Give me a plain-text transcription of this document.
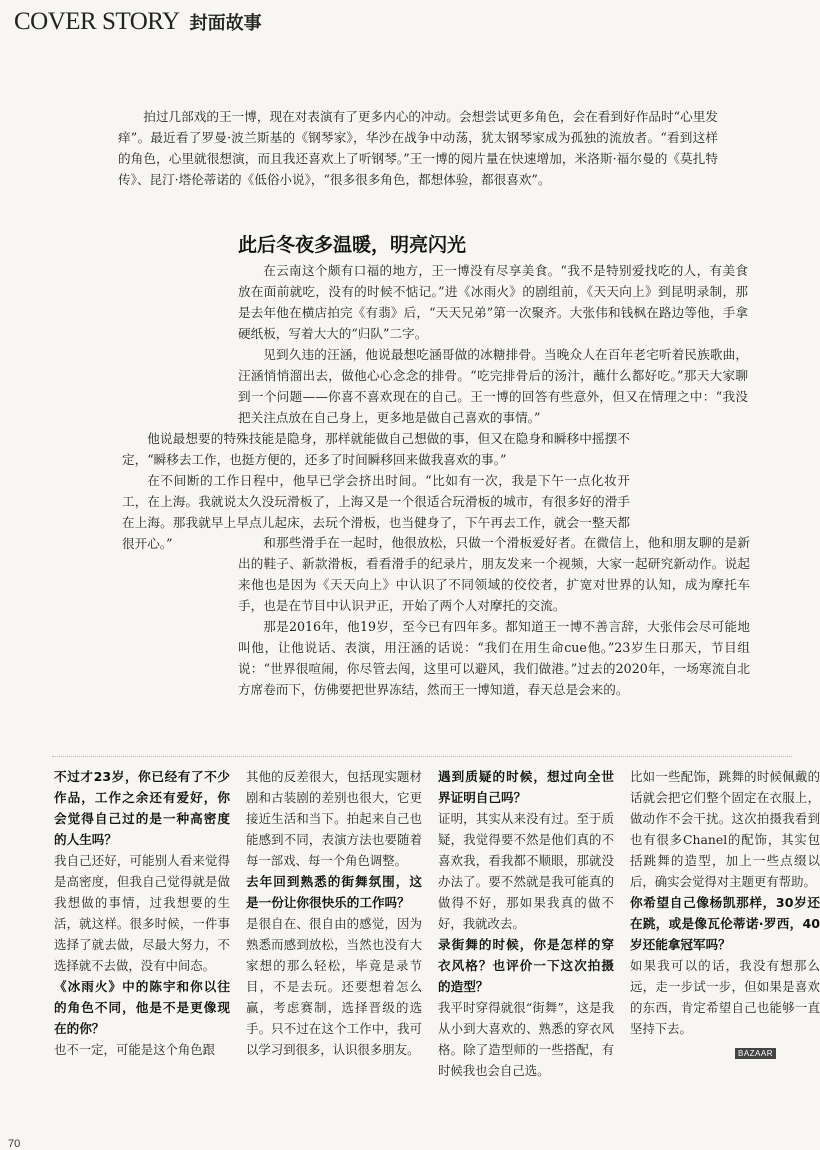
COVER STORY 封面故事

拍过几部戏的王一博，现在对表演有了更多内心的冲动。会想尝试更多角色，会在看到好作品时“心里发痒”。最近看了罗曼·波兰斯基的《钢琴家》，华沙在战争中动荡，犹太钢琴家成为孤独的流放者。“看到这样的角色，心里就很想演，而且我还喜欢上了听钢琴。”王一博的阅片量在快速增加，米洛斯·福尔曼的《莫扎特传》、昆汀·塔伦蒂诺的《低俗小说》，“很多很多角色，都想体验，都很喜欢”。

此后冬夜多温暖，明亮闪光

在云南这个颇有口福的地方，王一博没有尽享美食。“我不是特别爱找吃的人，有美食放在面前就吃，没有的时候不惦记。”进《冰雨火》的剧组前，《天天向上》到昆明录制，那是去年他在横店拍完《有翡》后，“天天兄弟”第一次聚齐。大张伟和钱枫在路边等他，手拿硬纸板，写着大大的“归队”二字。

见到久违的汪涵，他说最想吃涵哥做的冰糖排骨。当晚众人在百年老宅听着民族歌曲，汪涵悄悄溜出去，做他心心念念的排骨。“吃完排骨后的汤汁，蘸什么都好吃。”那天大家聊到一个问题——你喜不喜欢现在的自己。王一博的回答有些意外，但又在情理之中：“我没把关注点放在自己身上，更多地是做自己喜欢的事情。”

他说最想要的特殊技能是隐身，那样就能做自己想做的事，但又在隐身和瞬移中摇摆不定，“瞬移去工作，也挺方便的，还多了时间瞬移回来做我喜欢的事。”

在不间断的工作日程中，他早已学会挤出时间。“比如有一次，我是下午一点化妆开工，在上海。我就说太久没玩滑板了，上海又是一个很适合玩滑板的城市，有很多好的滑手在上海。那我就早上早点儿起床，去玩个滑板，也当健身了，下午再去工作，就会一整天都很开心。”	和那些滑手在一起时，他很放松，只做一个滑板爱好者。在微信上，他和朋友聊的是新出的鞋子、新款滑板，看看滑手的纪录片，朋友发来一个视频，大家一起研究新动作。说起来他也是因为《天天向上》中认识了不同领域的佼佼者，扩宽对世界的认知，成为摩托车手，也是在节目中认识尹正，开始了两个人对摩托的交流。

那是2016年，他19岁，至今已有四年多。都知道王一博不善言辞，大张伟会尽可能地叫他，让他说话、表演，用汪涵的话说：“我们在用生命cue他。”23岁生日那天，节目组说：“世界很喧闹，你尽管去闯，这里可以避风，我们做港。”过去的2020年，一场寒流自北方席卷而下，仿佛要把世界冻结，然而王一博知道，春天总是会来的。

不过才23岁，你已经有了不少作品，工作之余还有爱好，你会觉得自己过的是一种高密度的人生吗？

我自己还好，可能别人看来觉得是高密度，但我自己觉得就是做我想做的事情，过我想要的生活，就这样。很多时候，一件事选择了就去做，尽最大努力，不选择就不去做，没有中间态。

《冰雨火》中的陈宇和你以往的角色不同，他是不是更像现在的你？

也不一定，可能是这个角色跟

其他的反差很大，包括现实题材剧和古装剧的差别也很大，它更接近生活和当下。拍起来自己也能感到不同，表演方法也要随着每一部戏、每一个角色调整。

去年回到熟悉的街舞氛围，这是一份让你很快乐的工作吗？

是很自在、很自由的感觉，因为熟悉而感到放松，当然也没有大家想的那么轻松，毕竟是录节目，不是去玩。还要想着怎么赢，考虑赛制，选择晋级的选手。只不过在这个工作中，我可以学习到很多，认识很多朋友。

遇到质疑的时候，想过向全世界证明自己吗？

证明，其实从来没有过。至于质疑，我觉得要不然是他们真的不喜欢我，看我都不顺眼，那就没办法了。要不然就是我可能真的做得不好，那如果我真的做不好，我就改去。

录街舞的时候，你是怎样的穿衣风格？也评价一下这次拍摄的造型？

我平时穿得就很“街舞”，这是我从小到大喜欢的、熟悉的穿衣风格。除了造型师的一些搭配，有时候我也会自己选。

比如一些配饰，跳舞的时候佩戴的话就会把它们整个固定在衣服上，做动作不会干扰。这次拍摄我看到也有很多Chanel的配饰，其实包括跳舞的造型，加上一些点缀以后，确实会觉得对主题更有帮助。

你希望自己像杨凯那样，30岁还在跳，或是像瓦伦蒂诺·罗西，40岁还能拿冠军吗？

如果我可以的话，我没有想那么远，走一步试一步，但如果是喜欢的东西，肯定希望自己也能够一直坚持下去。

BAZAAR
70
